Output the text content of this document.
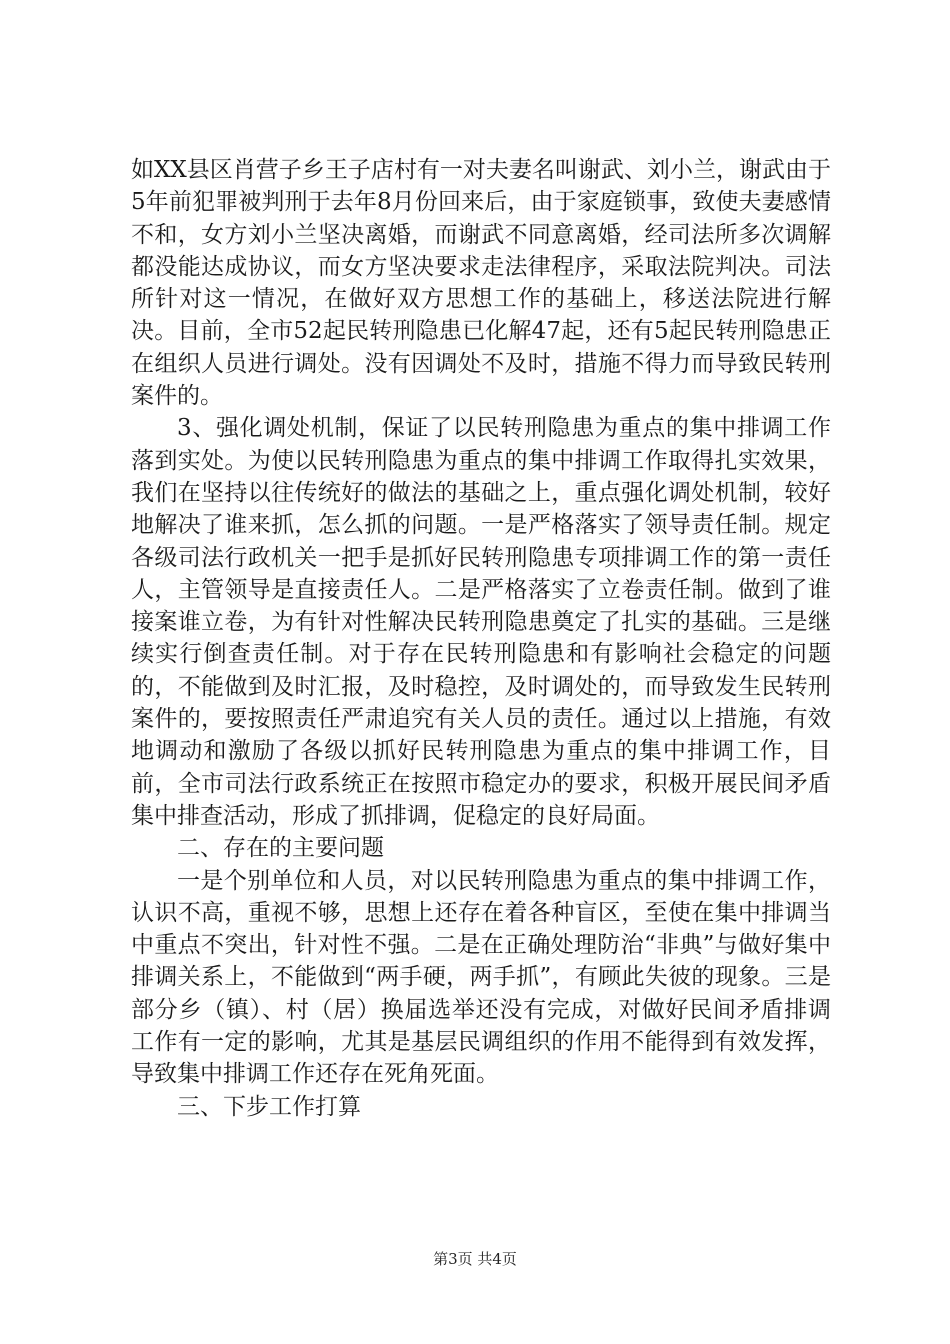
如XX县区肖营子乡王子店村有一对夫妻名叫谢武、刘小兰，谢武由于5年前犯罪被判刑于去年8月份回来后，由于家庭锁事，致使夫妻感情不和，女方刘小兰坚决离婚，而谢武不同意离婚，经司法所多次调解都没能达成协议，而女方坚决要求走法律程序，采取法院判决。司法所针对这一情况，在做好双方思想工作的基础上，移送法院进行解决。目前，全市52起民转刑隐患已化解47起，还有5起民转刑隐患正在组织人员进行调处。没有因调处不及时，措施不得力而导致民转刑案件的。

3、强化调处机制，保证了以民转刑隐患为重点的集中排调工作落到实处。为使以民转刑隐患为重点的集中排调工作取得扎实效果，我们在坚持以往传统好的做法的基础之上，重点强化调处机制，较好地解决了谁来抓，怎么抓的问题。一是严格落实了领导责任制。规定各级司法行政机关一把手是抓好民转刑隐患专项排调工作的第一责任人，主管领导是直接责任人。二是严格落实了立卷责任制。做到了谁接案谁立卷，为有针对性解决民转刑隐患奠定了扎实的基础。三是继续实行倒查责任制。对于存在民转刑隐患和有影响社会稳定的问题的，不能做到及时汇报，及时稳控，及时调处的，而导致发生民转刑案件的，要按照责任严肃追究有关人员的责任。通过以上措施，有效地调动和激励了各级以抓好民转刑隐患为重点的集中排调工作，目前，全市司法行政系统正在按照市稳定办的要求，积极开展民间矛盾集中排查活动，形成了抓排调，促稳定的良好局面。

二、存在的主要问题

一是个别单位和人员，对以民转刑隐患为重点的集中排调工作，认识不高，重视不够，思想上还存在着各种盲区，至使在集中排调当中重点不突出，针对性不强。二是在正确处理防治“非典”与做好集中排调关系上，不能做到“两手硬，两手抓”，有顾此失彼的现象。三是部分乡（镇）、村（居）换届选举还没有完成，对做好民间矛盾排调工作有一定的影响，尤其是基层民调组织的作用不能得到有效发挥，导致集中排调工作还存在死角死面。

三、下步工作打算

第3页 共4页
